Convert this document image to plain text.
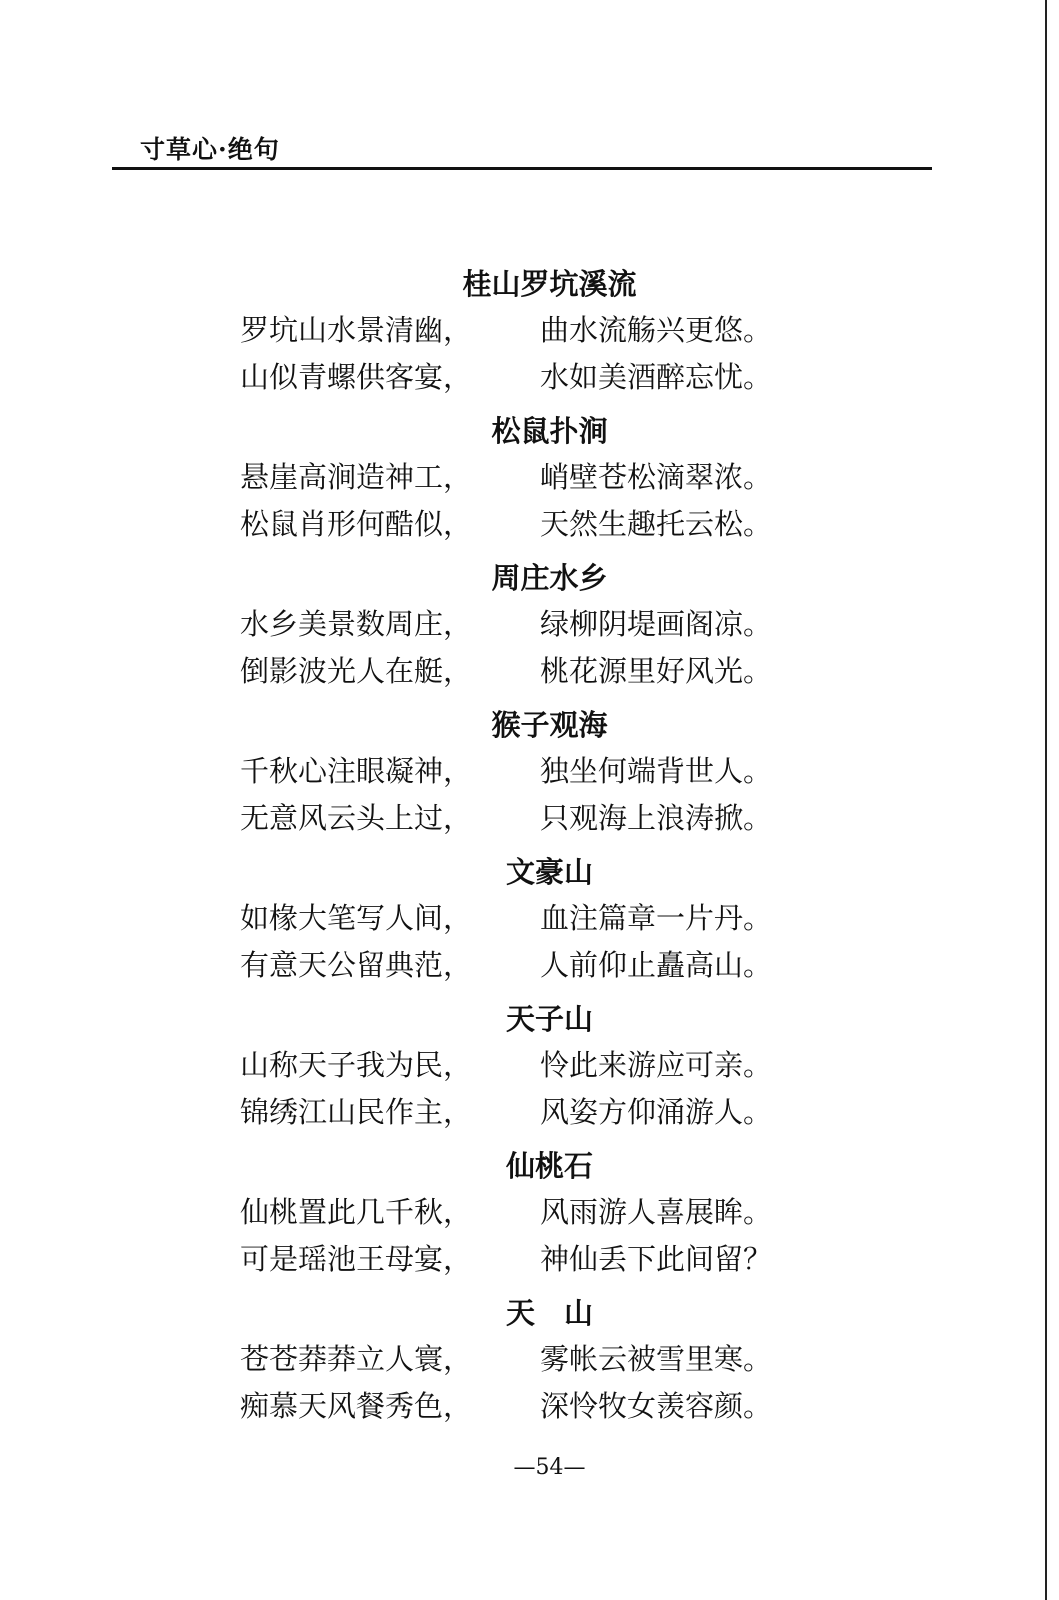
寸草心·绝句
桂山罗坑溪流
罗坑山水景清幽， 曲水流觞兴更悠。
山似青螺供客宴， 水如美酒醉忘忧。
松鼠扑涧
悬崖高涧造神工， 峭壁苍松滴翠浓。
松鼠肖形何酷似， 天然生趣托云松。
周庄水乡
水乡美景数周庄， 绿柳阴堤画阁凉。
倒影波光人在艇， 桃花源里好风光。
猴子观海
千秋心注眼凝神， 独坐何端背世人。
无意风云头上过， 只观海上浪涛掀。
文豪山
如椽大笔写人间， 血注篇章一片丹。
有意天公留典范， 人前仰止矗高山。
天子山
山称天子我为民， 怜此来游应可亲。
锦绣江山民作主， 风姿方仰涌游人。
仙桃石
仙桃置此几千秋， 风雨游人喜展眸。
可是瑶池王母宴， 神仙丢下此间留？
天　山
苍苍莽莽立人寰， 雾帐云被雪里寒。
痴慕天风餐秀色， 深怜牧女羡容颜。
—54—
